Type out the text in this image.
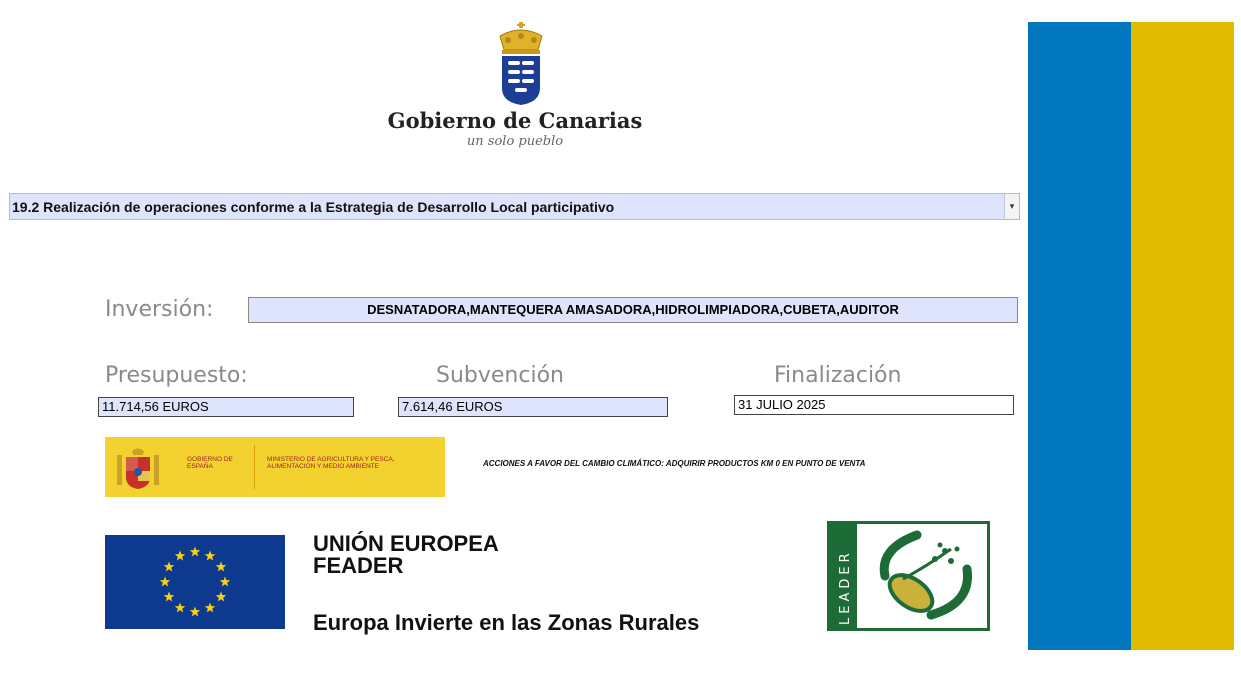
Gobierno de Canarias
un solo pueblo
19.2 Realización de operaciones conforme a la Estrategia de Desarrollo Local participativo	▾
Inversión:	DESNATADORA,MANTEQUERA AMASADORA,HIDROLIMPIADORA,CUBETA,AUDITOR
Presupuesto:	Subvención	Finalización
11.714,56 EUROS	7.614,46 EUROS	31 JULIO 2025
GOBIERNO DE ESPAÑA
MINISTERIO DE AGRICULTURA Y PESCA, ALIMENTACIÓN Y MEDIO AMBIENTE	ACCIONES A FAVOR DEL CAMBIO CLIMÁTICO: ADQUIRIR PRODUCTOS KM 0 EN PUNTO DE VENTA
UNIÓN EUROPEA
FEADER
Europa Invierte en las Zonas Rurales	LEADER
